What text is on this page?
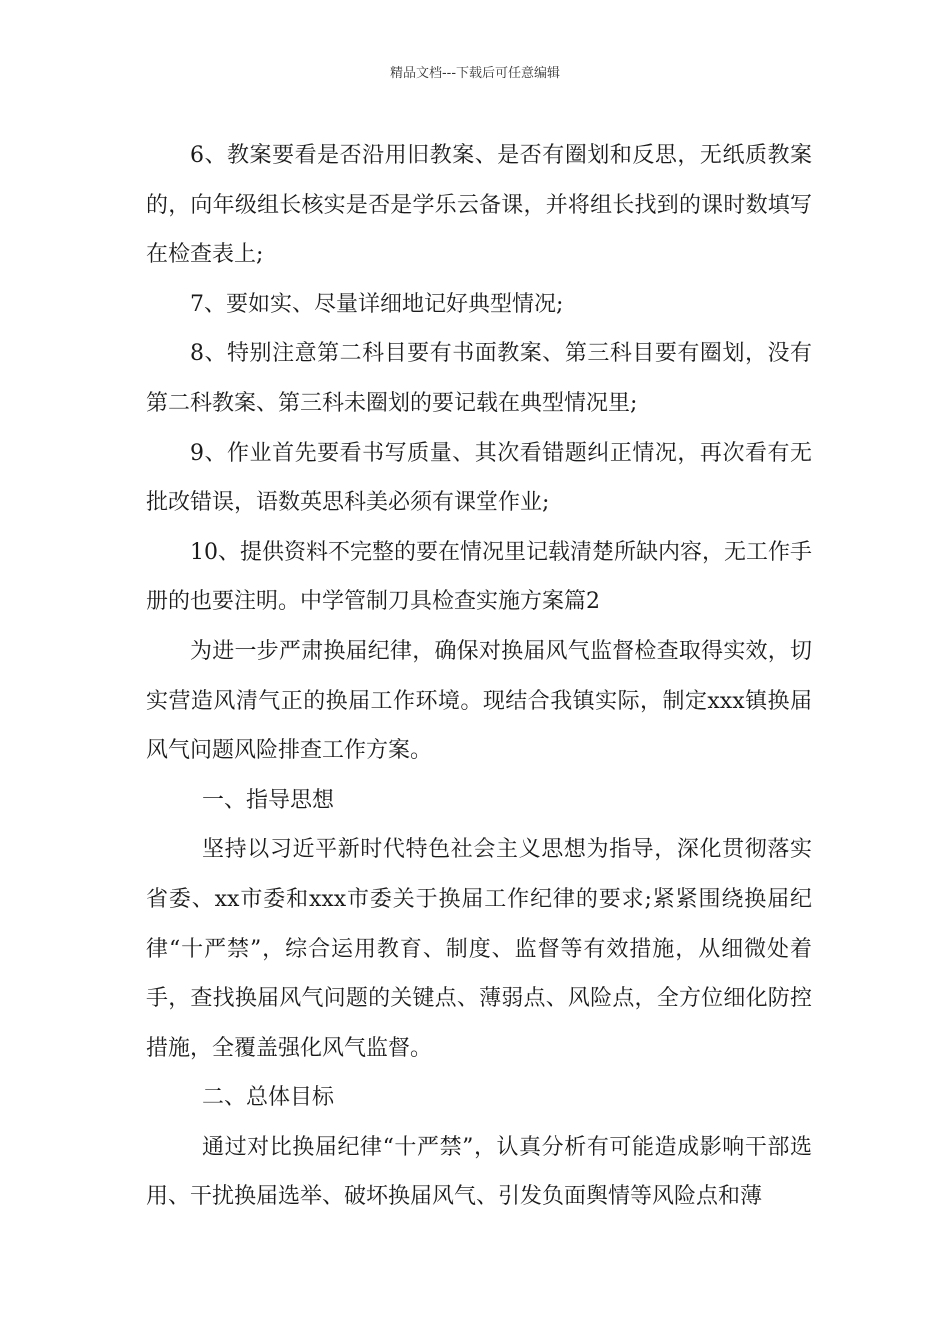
精品文档---下载后可任意编辑

6、教案要看是否沿用旧教案、是否有圈划和反思，无纸质教案的，向年级组长核实是否是学乐云备课，并将组长找到的课时数填写在检查表上;

7、要如实、尽量详细地记好典型情况;

8、特别注意第二科目要有书面教案、第三科目要有圈划，没有第二科教案、第三科未圈划的要记载在典型情况里;

9、作业首先要看书写质量、其次看错题纠正情况，再次看有无批改错误，语数英思科美必须有课堂作业;

10、提供资料不完整的要在情况里记载清楚所缺内容，无工作手册的也要注明。中学管制刀具检查实施方案篇2

为进一步严肃换届纪律，确保对换届风气监督检查取得实效，切实营造风清气正的换届工作环境。现结合我镇实际，制定xxx镇换届风气问题风险排查工作方案。

一、指导思想

坚持以习近平新时代特色社会主义思想为指导，深化贯彻落实省委、xx市委和xxx市委关于换届工作纪律的要求;紧紧围绕换届纪律“十严禁”，综合运用教育、制度、监督等有效措施，从细微处着手，查找换届风气问题的关键点、薄弱点、风险点，全方位细化防控措施，全覆盖强化风气监督。

二、总体目标

通过对比换届纪律“十严禁”，认真分析有可能造成影响干部选用、干扰换届选举、破坏换届风气、引发负面舆情等风险点和薄
